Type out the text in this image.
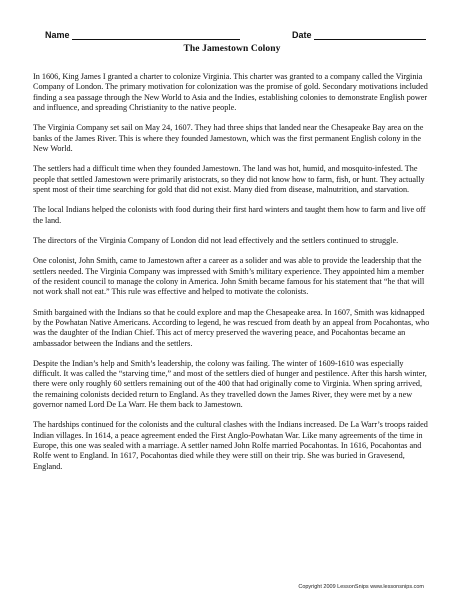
Name	Date
The Jamestown Colony

In 1606, King James I granted a charter to colonize Virginia. This charter was granted to a company called the Virginia Company of London. The primary motivation for colonization was the promise of gold. Secondary motivations included finding a sea passage through the New World to Asia and the Indies, establishing colonies to demonstrate English power and influence, and spreading Christianity to the native people.

The Virginia Company set sail on May 24, 1607. They had three ships that landed near the Chesapeake Bay area on the banks of the James River. This is where they founded Jamestown, which was the first permanent English colony in the New World.

The settlers had a difficult time when they founded Jamestown. The land was hot, humid, and mosquito-infested. The people that settled Jamestown were primarily aristocrats, so they did not know how to farm, fish, or hunt. They actually spent most of their time searching for gold that did not exist. Many died from disease, malnutrition, and starvation.

The local Indians helped the colonists with food during their first hard winters and taught them how to farm and live off the land.

The directors of the Virginia Company of London did not lead effectively and the settlers continued to struggle.

One colonist, John Smith, came to Jamestown after a career as a solider and was able to provide the leadership that the settlers needed. The Virginia Company was impressed with Smith’s military experience. They appointed him a member of the resident council to manage the colony in America. John Smith became famous for his statement that “he that will not work shall not eat.” This rule was effective and helped to motivate the colonists.

Smith bargained with the Indians so that he could explore and map the Chesapeake area. In 1607, Smith was kidnapped by the Powhatan Native Americans. According to legend, he was rescued from death by an appeal from Pocahontas, who was the daughter of the Indian Chief. This act of mercy preserved the wavering peace, and Pocahontas became an ambassador between the Indians and the settlers.

Despite the Indian’s help and Smith’s leadership, the colony was failing. The winter of 1609-1610 was especially difficult. It was called the “starving time,” and most of the settlers died of hunger and pestilence. After this harsh winter, there were only roughly 60 settlers remaining out of the 400 that had originally come to Virginia. When spring arrived, the remaining colonists decided return to England. As they travelled down the James River, they were met by a new governor named Lord De La Warr. He them back to Jamestown.

The hardships continued for the colonists and the cultural clashes with the Indians increased. De La Warr’s troops raided Indian villages. In 1614, a peace agreement ended the First Anglo-Powhatan War. Like many agreements of the time in Europe, this one was sealed with a marriage. A settler named John Rolfe married Pocahontas. In 1616, Pocahontas and Rolfe went to England. In 1617, Pocahontas died while they were still on their trip. She was buried in Gravesend, England.

Copyright 2009 LessonSnips www.lessonsnips.com
